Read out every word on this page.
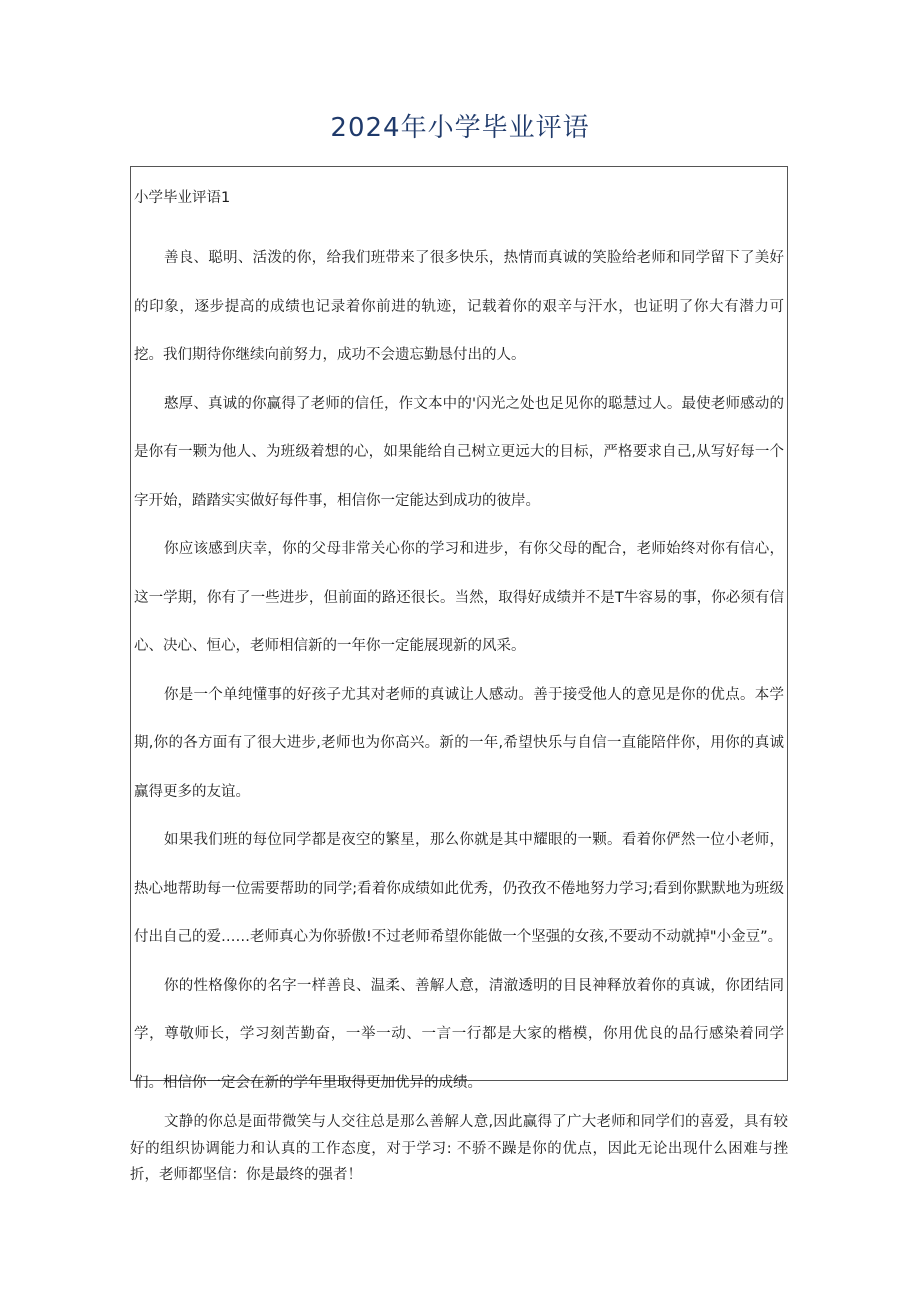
2024年小学毕业评语

小学毕业评语1

善良、聪明、活泼的你，给我们班带来了很多快乐，热情而真诚的笑脸给老师和同学留下了美好的印象，逐步提高的成绩也记录着你前进的轨迹，记载着你的艰辛与汗水，也证明了你大有潜力可挖。我们期待你继续向前努力，成功不会遗忘勤恳付出的人。

憨厚、真诚的你赢得了老师的信任，作文本中的'闪光之处也足见你的聪慧过人。最使老师感动的是你有一颗为他人、为班级着想的心，如果能给自己树立更远大的目标，严格要求自己,从写好每一个字开始，踏踏实实做好每件事，相信你一定能达到成功的彼岸。

你应该感到庆幸，你的父母非常关心你的学习和进步，有你父母的配合，老师始终对你有信心，这一学期，你有了一些进步，但前面的路还很长。当然，取得好成绩并不是T牛容易的事，你必须有信心、决心、恒心，老师相信新的一年你一定能展现新的风采。

你是一个单纯懂事的好孩子尤其对老师的真诚让人感动。善于接受他人的意见是你的优点。本学期,你的各方面有了很大进步,老师也为你高兴。新的一年,希望快乐与自信一直能陪伴你，用你的真诚赢得更多的友谊。

如果我们班的每位同学都是夜空的繁星，那么你就是其中耀眼的一颗。看着你俨然一位小老师，热心地帮助每一位需要帮助的同学;看着你成绩如此优秀，仍孜孜不倦地努力学习;看到你默默地为班级付出自己的爱……老师真心为你骄傲!不过老师希望你能做一个坚强的女孩,不要动不动就掉"小金豆”。

你的性格像你的名字一样善良、温柔、善解人意，清澈透明的目艮神释放着你的真诚，你团结同学，尊敬师长，学习刻苦勤奋，一举一动、一言一行都是大家的楷模，你用优良的品行感染着同学们。相信你一定会在新的学年里取得更加优异的成绩。

文静的你总是面带微笑与人交往总是那么善解人意,因此赢得了广大老师和同学们的喜爱，具有较好的组织协调能力和认真的工作态度，对于学习: 不骄不躁是你的优点，因此无论出现什么困难与挫折，老师都坚信：你是最终的强者！
